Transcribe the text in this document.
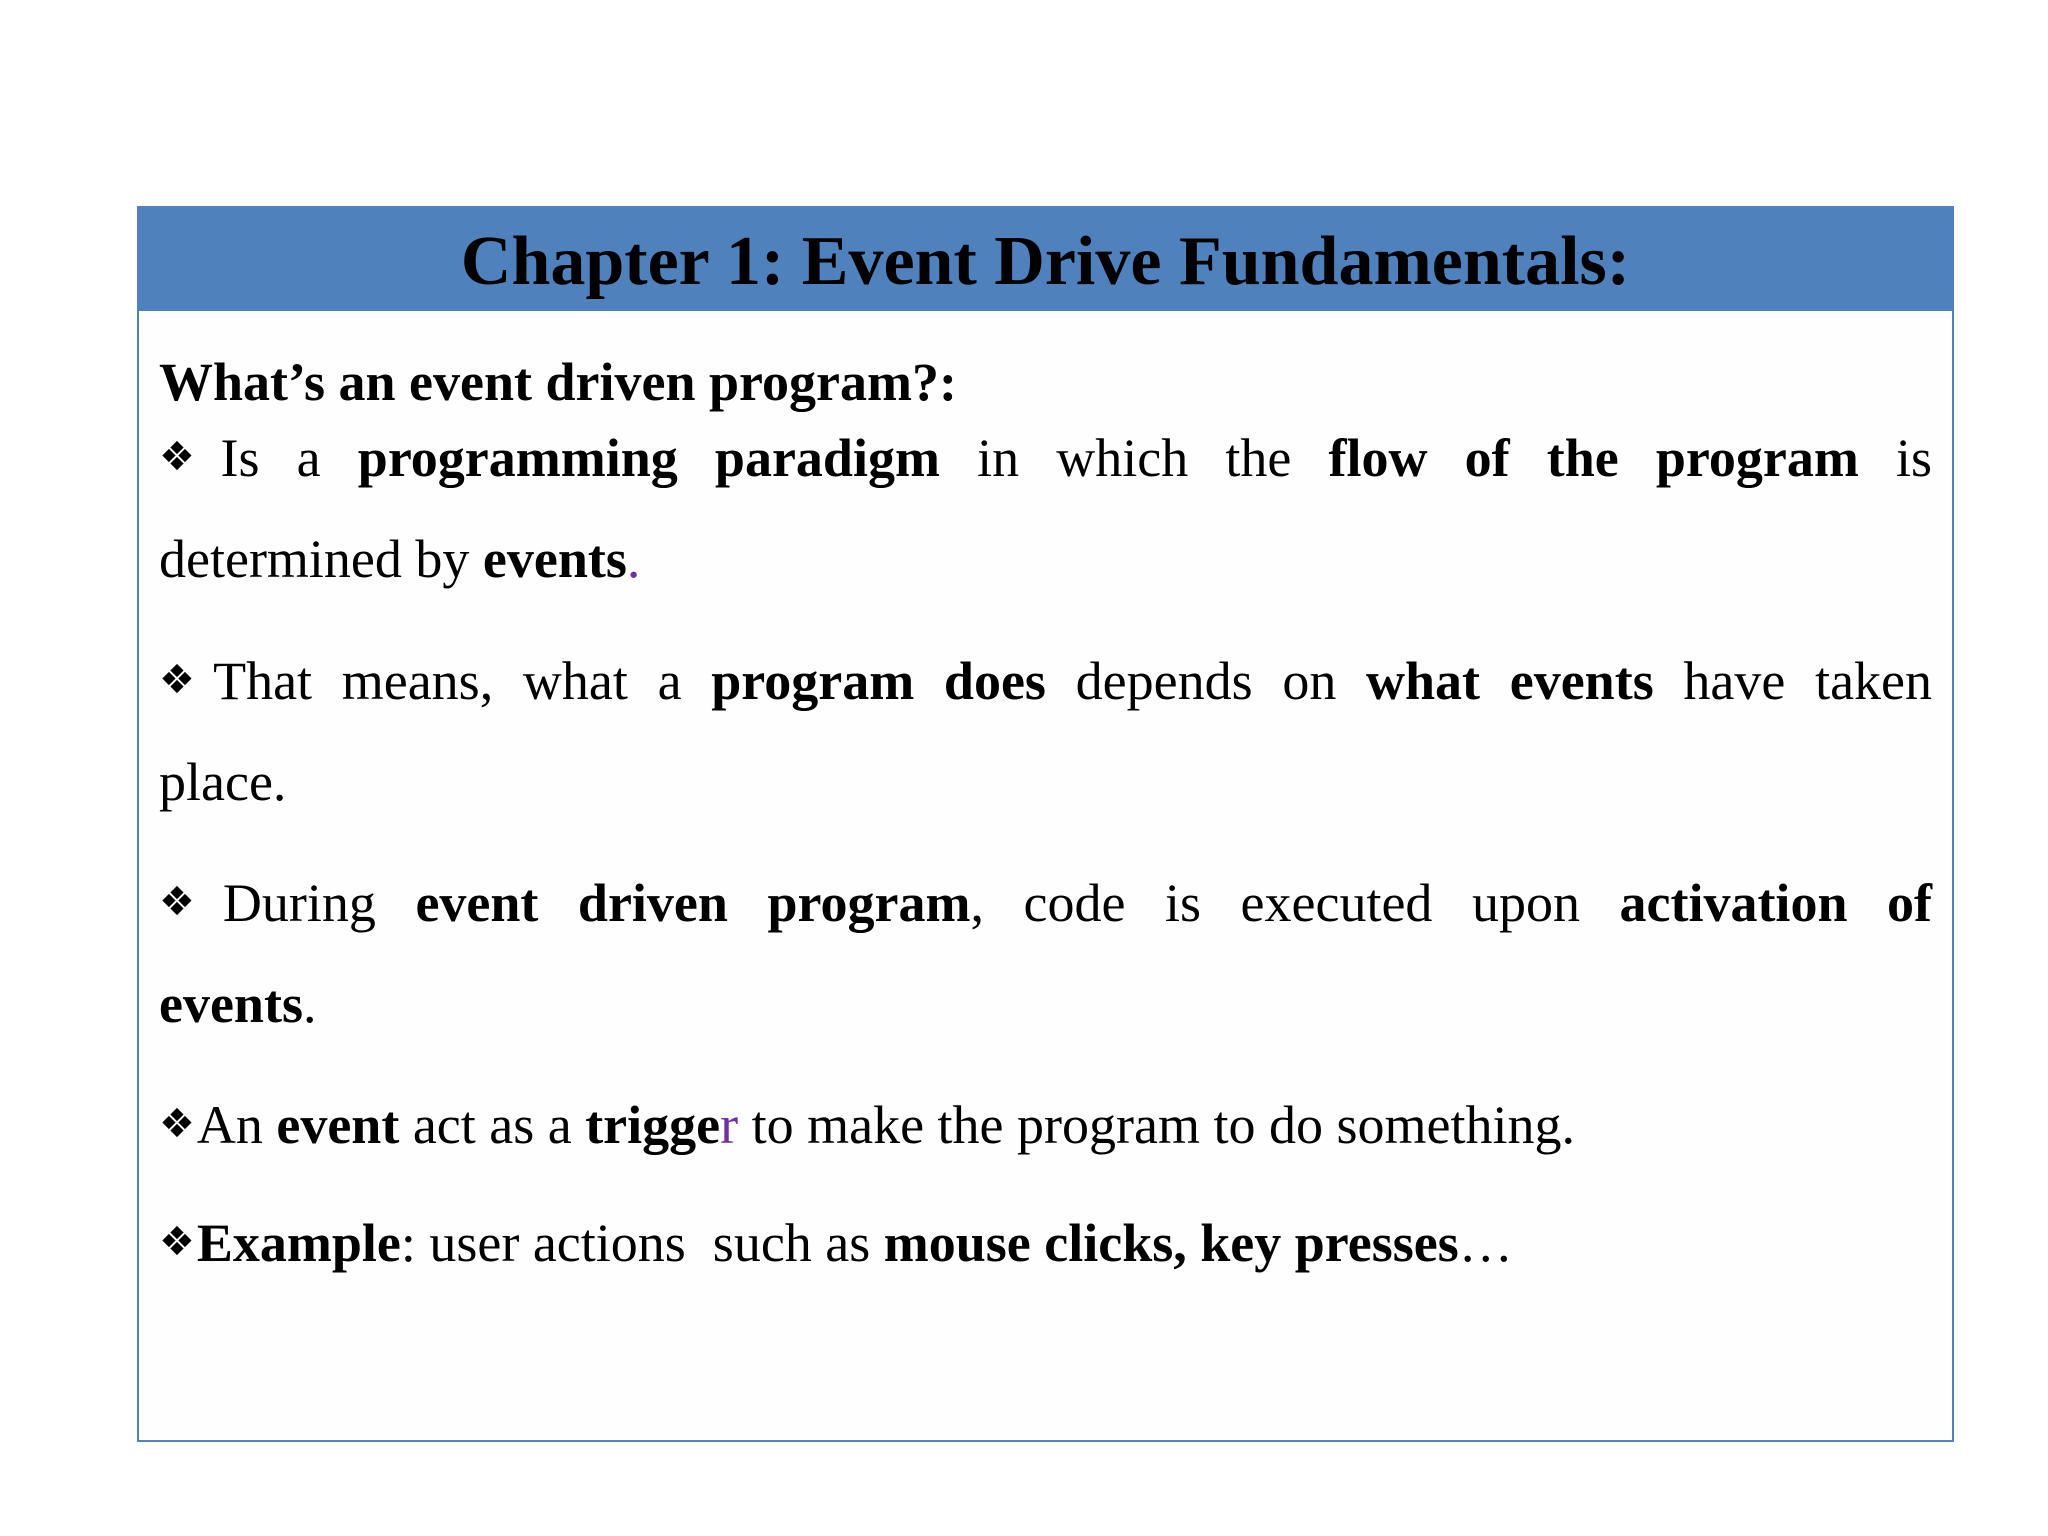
Chapter 1: Event Drive Fundamentals:
What’s an event driven program?:
❖Is a programming paradigm in which the flow of the program is
determined by events.
❖That means, what a program does depends on what events have taken
place.
❖During event driven program, code is executed upon activation of
events.
❖An event act as a trigger to make the program to do something.
❖Example: user actions  such as mouse clicks, key presses…
